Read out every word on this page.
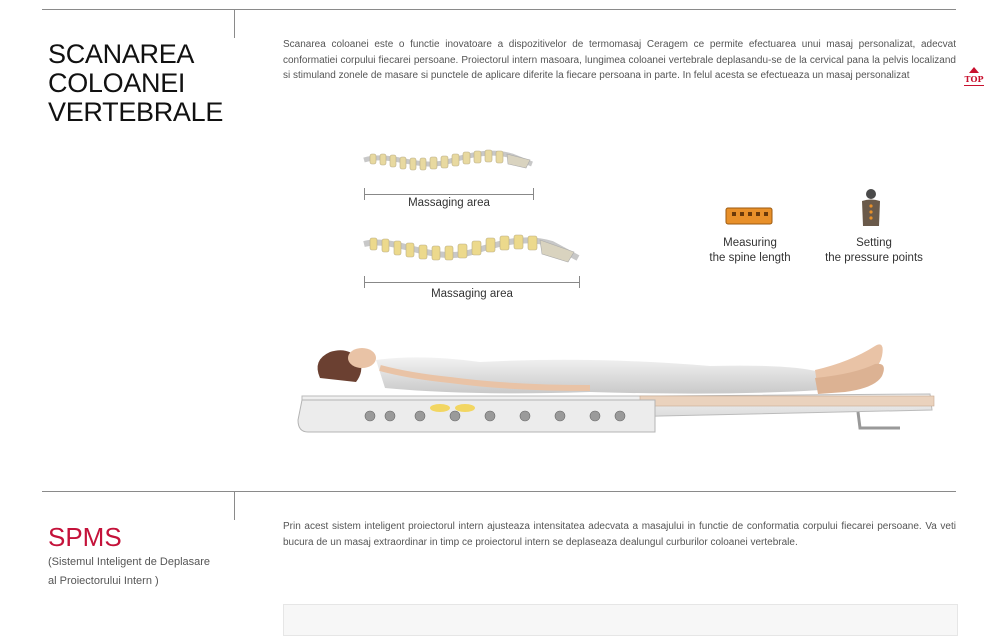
SCANAREA
COLOANEI
VERTEBRALE
Scanarea coloanei este o functie inovatoare a dispozitivelor de termomasaj Ceragem ce permite efectuarea unui masaj personalizat, adecvat conformatiei corpului fiecarei persoane. Proiectorul intern masoara, lungimea coloanei vertebrale deplasandu-se de la cervical pana la pelvis localizand si stimuland zonele de masare si punctele de aplicare diferite la fiecare persoana in parte. In felul acesta se efectueaza un masaj personalizat	TOP
Massaging area
Massaging area
Measuring
the spine length
Setting
the pressure points
SPMS
(Sistemul Inteligent de Deplasare
al Proiectorului Intern )
Prin acest sistem inteligent proiectorul intern ajusteaza intensitatea adecvata a masajului in functie de conformatia corpului fiecarei persoane. Va veti bucura de un masaj extraordinar in timp ce proiectorul intern se deplaseaza dealungul curburilor coloanei vertebrale.
